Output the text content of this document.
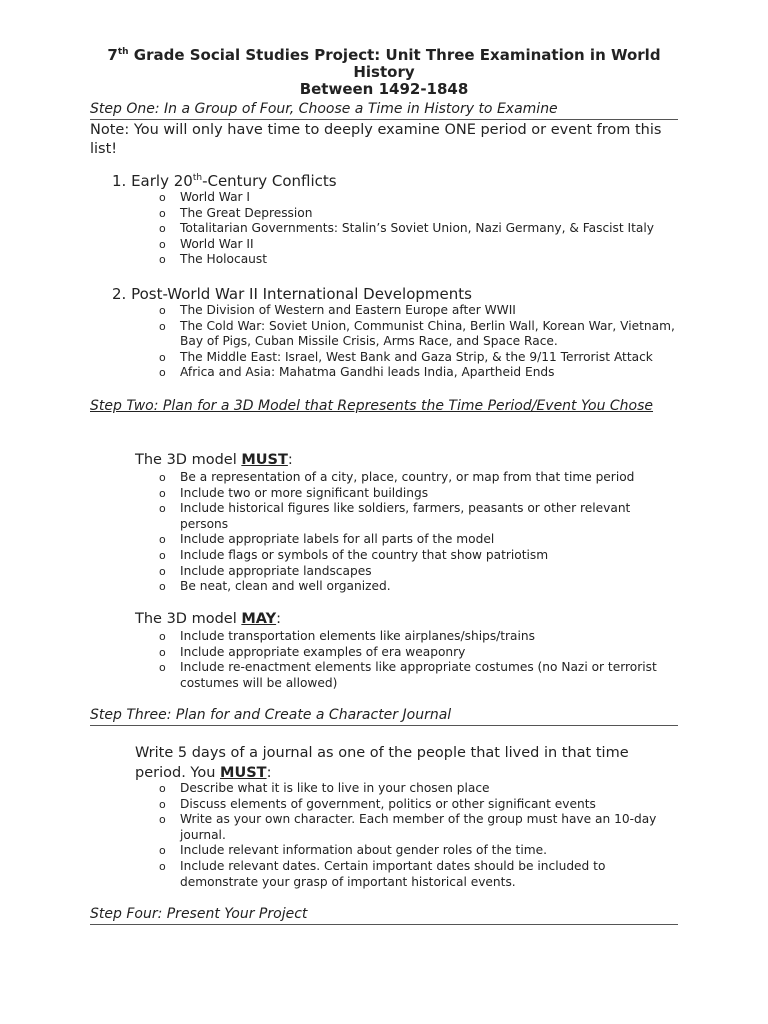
7th Grade Social Studies Project: Unit Three Examination in World
History
Between 1492-1848
Step One: In a Group of Four, Choose a Time in History to Examine
Note: You will only have time to deeply examine ONE period or event from this list!
1. Early 20th-Century Conflicts
o World War I
o The Great Depression
o Totalitarian Governments: Stalin’s Soviet Union, Nazi Germany, & Fascist Italy
o World War II
o The Holocaust
2. Post-World War II International Developments
o The Division of Western and Eastern Europe after WWII
o The Cold War: Soviet Union, Communist China, Berlin Wall, Korean War, Vietnam, Bay of Pigs, Cuban Missile Crisis, Arms Race, and Space Race.
o The Middle East: Israel, West Bank and Gaza Strip, & the 9/11 Terrorist Attack
o Africa and Asia: Mahatma Gandhi leads India, Apartheid Ends
Step Two: Plan for a 3D Model that Represents the Time Period/Event You Chose
The 3D model MUST:
o Be a representation of a city, place, country, or map from that time period
o Include two or more significant buildings
o Include historical figures like soldiers, farmers, peasants or other relevant persons
o Include appropriate labels for all parts of the model
o Include flags or symbols of the country that show patriotism
o Include appropriate landscapes
o Be neat, clean and well organized.
The 3D model MAY:
o Include transportation elements like airplanes/ships/trains
o Include appropriate examples of era weaponry
o Include re-enactment elements like appropriate costumes (no Nazi or terrorist costumes will be allowed)
Step Three: Plan for and Create a Character Journal
Write 5 days of a journal as one of the people that lived in that time period. You MUST:
o Describe what it is like to live in your chosen place
o Discuss elements of government, politics or other significant events
o Write as your own character. Each member of the group must have an 10-day journal.
o Include relevant information about gender roles of the time.
o Include relevant dates. Certain important dates should be included to demonstrate your grasp of important historical events.
Step Four: Present Your Project
